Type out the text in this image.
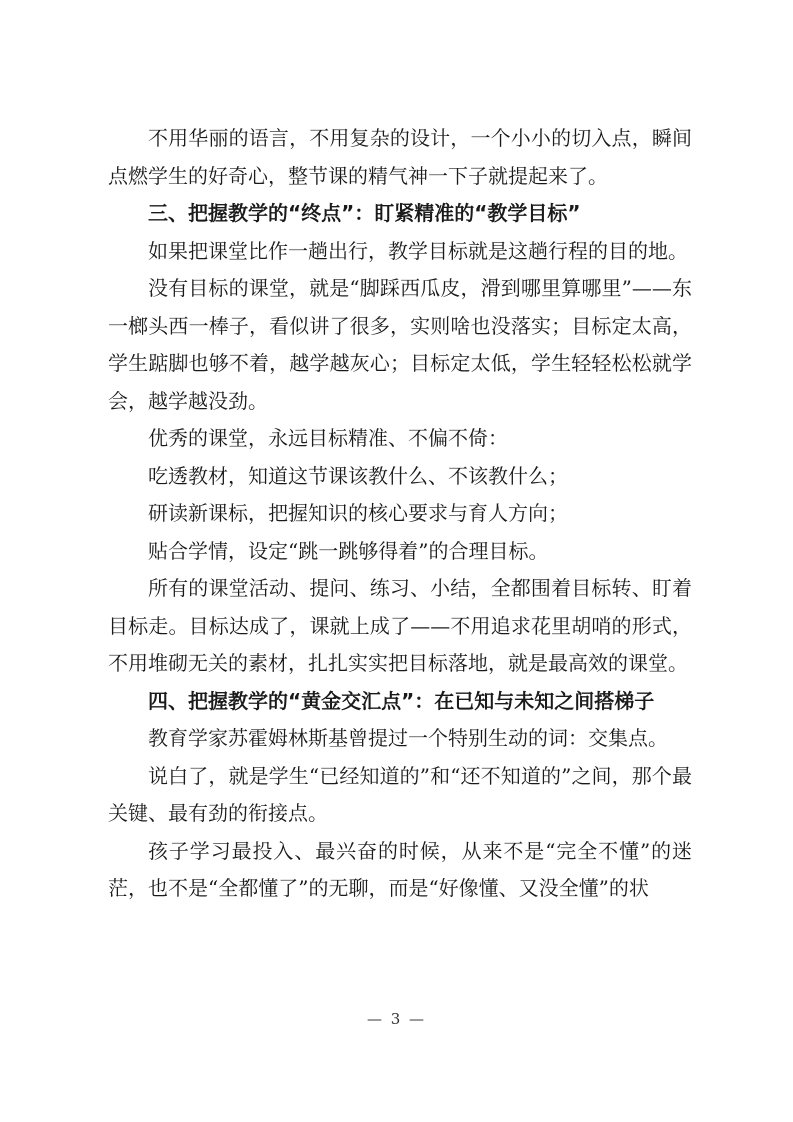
不用华丽的语言，不用复杂的设计，一个小小的切入点，瞬间点燃学生的好奇心，整节课的精气神一下子就提起来了。

三、把握教学的“终点”：盯紧精准的“教学目标”

如果把课堂比作一趟出行，教学目标就是这趟行程的目的地。

没有目标的课堂，就是“脚踩西瓜皮，滑到哪里算哪里”——东一榔头西一棒子，看似讲了很多，实则啥也没落实；目标定太高，学生踮脚也够不着，越学越灰心；目标定太低，学生轻轻松松就学会，越学越没劲。

优秀的课堂，永远目标精准、不偏不倚：

吃透教材，知道这节课该教什么、不该教什么；

研读新课标，把握知识的核心要求与育人方向；

贴合学情，设定“跳一跳够得着”的合理目标。

所有的课堂活动、提问、练习、小结，全都围着目标转、盯着目标走。目标达成了，课就上成了——不用追求花里胡哨的形式，不用堆砌无关的素材，扎扎实实把目标落地，就是最高效的课堂。

四、把握教学的“黄金交汇点”：在已知与未知之间搭梯子

教育学家苏霍姆林斯基曾提过一个特别生动的词：交集点。

说白了，就是学生“已经知道的”和“还不知道的”之间，那个最关键、最有劲的衔接点。

孩子学习最投入、最兴奋的时候，从来不是“完全不懂”的迷茫，也不是“全都懂了”的无聊，而是“好像懂、又没全懂”的状

— 3 —
